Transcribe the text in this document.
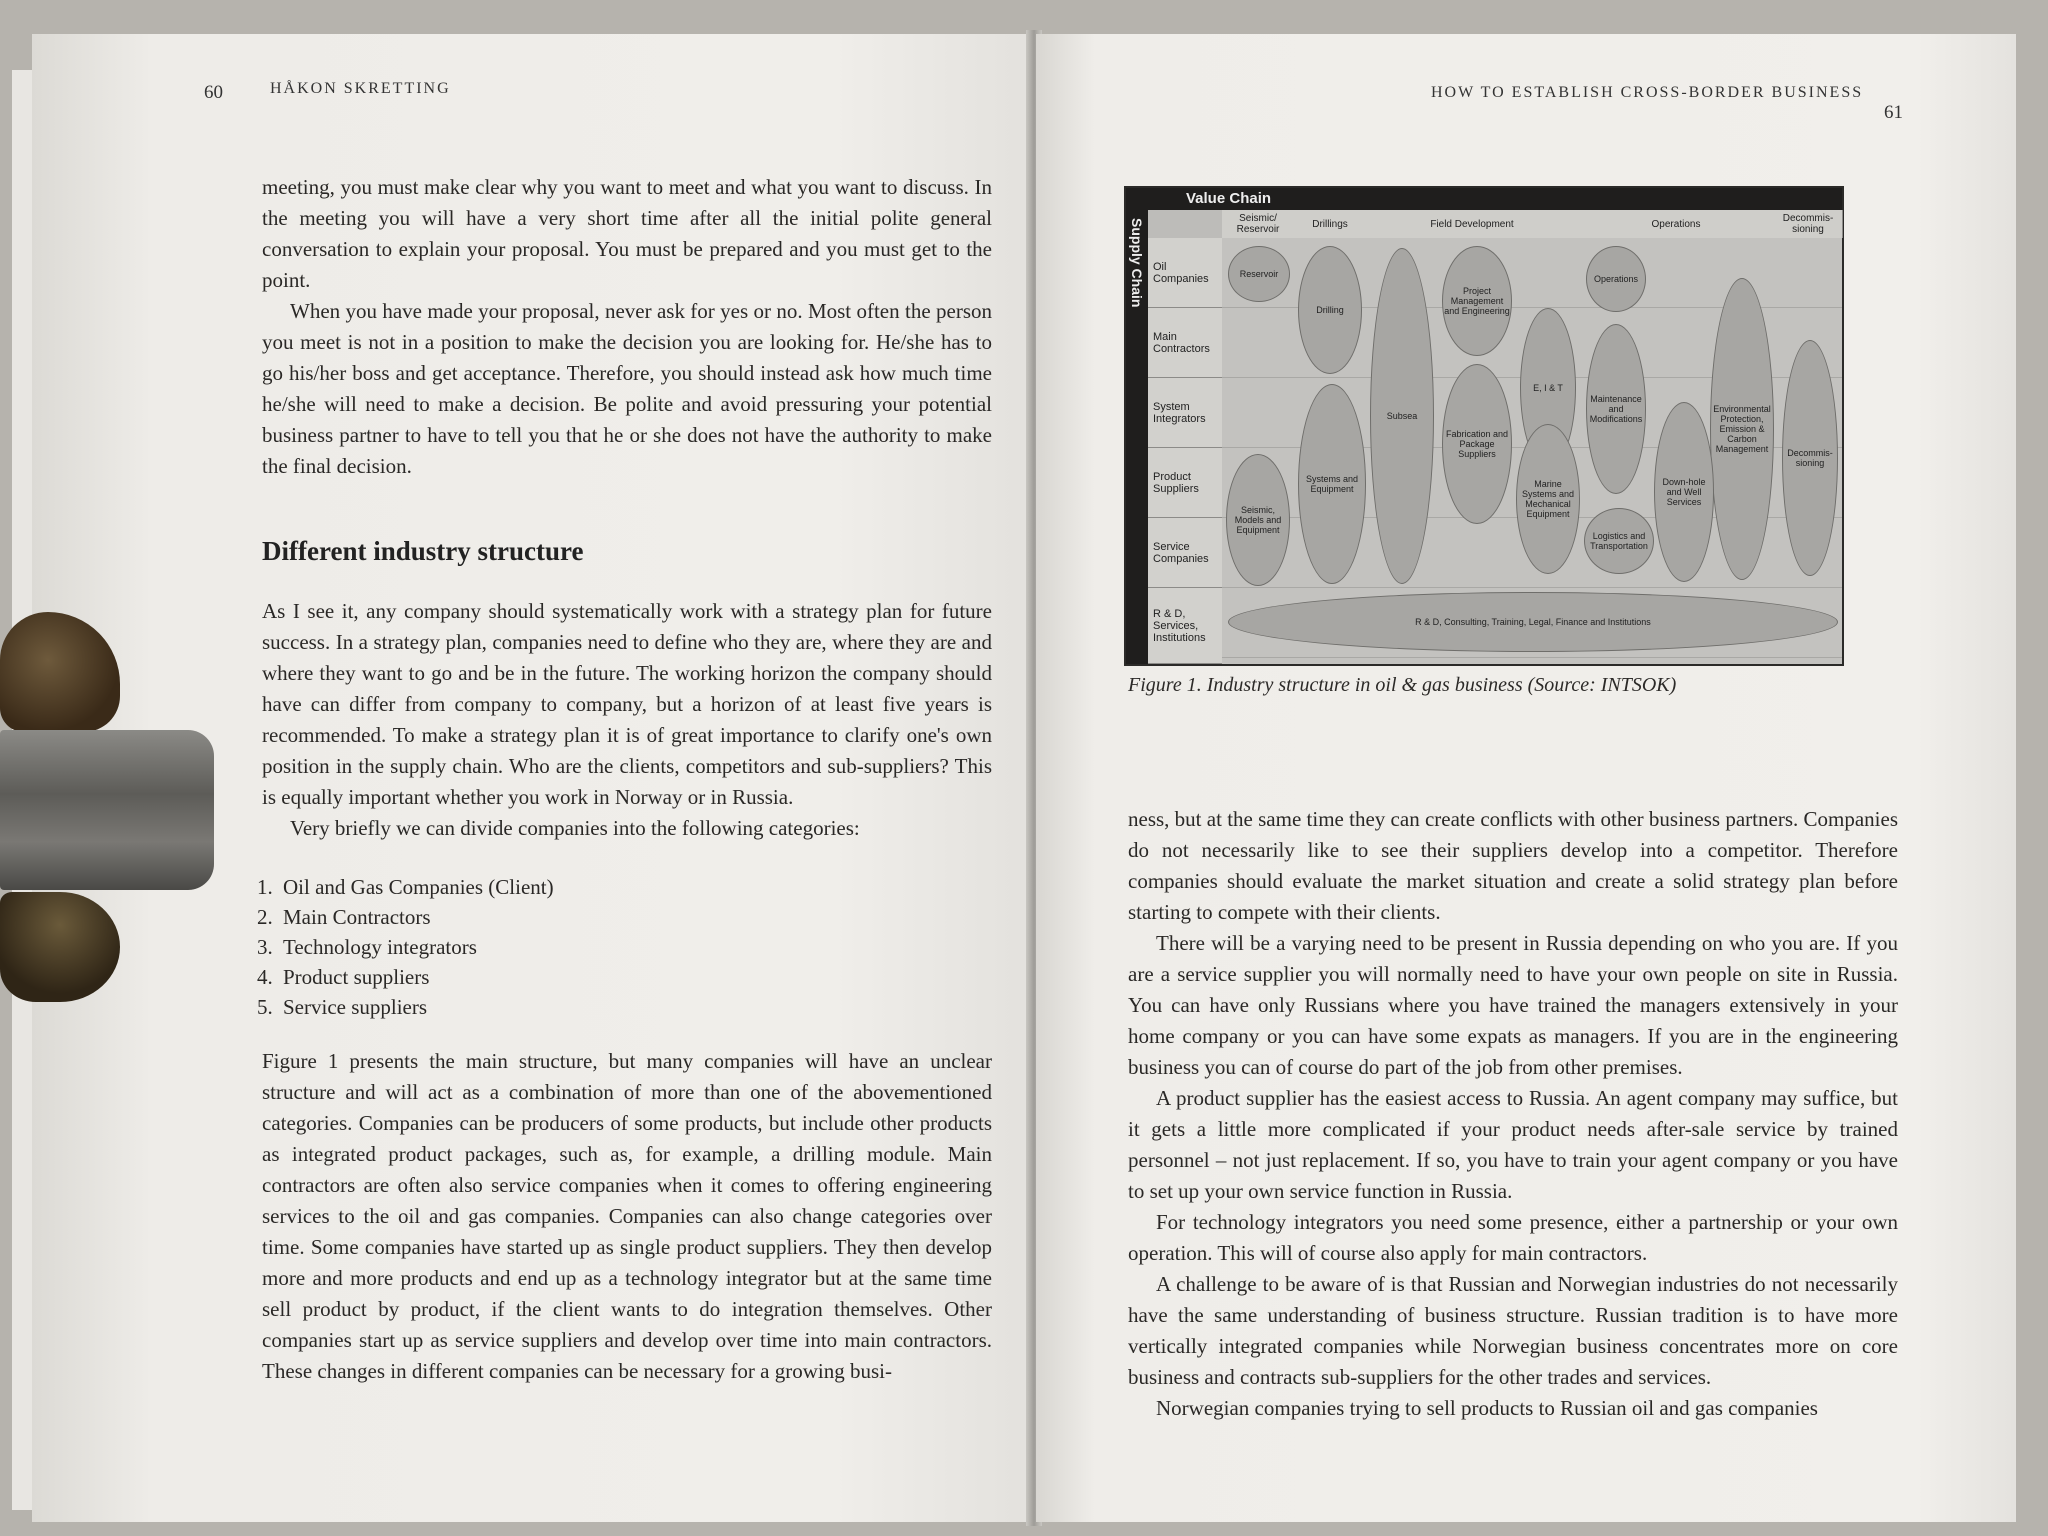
60	HÅKON SKRETTING

meeting, you must make clear why you want to meet and what you want to discuss. In the meeting you will have a very short time after all the initial polite general conversation to explain your proposal. You must be prepared and you must get to the point.

When you have made your proposal, never ask for yes or no. Most often the person you meet is not in a position to make the decision you are looking for. He/she has to go his/her boss and get acceptance. Therefore, you should instead ask how much time he/she will need to make a decision. Be polite and avoid pressuring your potential business partner to have to tell you that he or she does not have the authority to make the final decision.

Different industry structure

As I see it, any company should systematically work with a strategy plan for future success. In a strategy plan, companies need to define who they are, where they are and where they want to go and be in the future. The working horizon the company should have can differ from company to company, but a horizon of at least five years is recommended. To make a strategy plan it is of great importance to clarify one's own position in the supply chain. Who are the clients, competitors and sub-suppliers? This is equally important whether you work in Norway or in Russia.

Very briefly we can divide companies into the following categories:

1. Oil and Gas Companies (Client)
2. Main Contractors
3. Technology integrators
4. Product suppliers
5. Service suppliers

Figure 1 presents the main structure, but many companies will have an unclear structure and will act as a combination of more than one of the abovementioned categories. Companies can be producers of some products, but include other products as integrated product packages, such as, for example, a drilling module. Main contractors are often also service companies when it comes to offering engineering services to the oil and gas companies. Companies can also change categories over time. Some companies have started up as single product suppliers. They then develop more and more products and end up as a technology integrator but at the same time sell product by product, if the client wants to do integration themselves. Other companies start up as service suppliers and develop over time into main contractors. These changes in different companies can be necessary for a growing busi-

HOW TO ESTABLISH CROSS-BORDER BUSINESS
61
Value Chain
Supply Chain	Seismic/ Reservoir	Drillings	Field Development	Operations	Decommis- sioning
Oil Companies
Main Contractors
System Integrators
Product Suppliers
Service Companies
R & D, Services, Institutions
Reservoir
Drilling
Subsea
Project Management and Engineering
E, I & T
Fabrication and Package Suppliers
Operations
Maintenance and Modifications
Environmental Protection, Emission & Carbon Management	Decommis- sioning
Systems and Equipment
Seismic, Models and Equipment
Marine Systems and Mechanical Equipment
Down-hole and Well Services
Logistics and Transportation
R & D, Consulting, Training, Legal, Finance and Institutions
Figure 1. Industry structure in oil & gas business (Source: INTSOK)

ness, but at the same time they can create conflicts with other business partners. Companies do not necessarily like to see their suppliers develop into a competitor. Therefore companies should evaluate the market situation and create a solid strategy plan before starting to compete with their clients.

There will be a varying need to be present in Russia depending on who you are. If you are a service supplier you will normally need to have your own people on site in Russia. You can have only Russians where you have trained the managers extensively in your home company or you can have some expats as managers. If you are in the engineering business you can of course do part of the job from other premises.

A product supplier has the easiest access to Russia. An agent company may suffice, but it gets a little more complicated if your product needs after-sale service by trained personnel – not just replacement. If so, you have to train your agent company or you have to set up your own service function in Russia.

For technology integrators you need some presence, either a partnership or your own operation. This will of course also apply for main contractors.

A challenge to be aware of is that Russian and Norwegian industries do not necessarily have the same understanding of business structure. Russian tradition is to have more vertically integrated companies while Norwegian business concentrates more on core business and contracts sub-suppliers for the other trades and services.

Norwegian companies trying to sell products to Russian oil and gas companies
